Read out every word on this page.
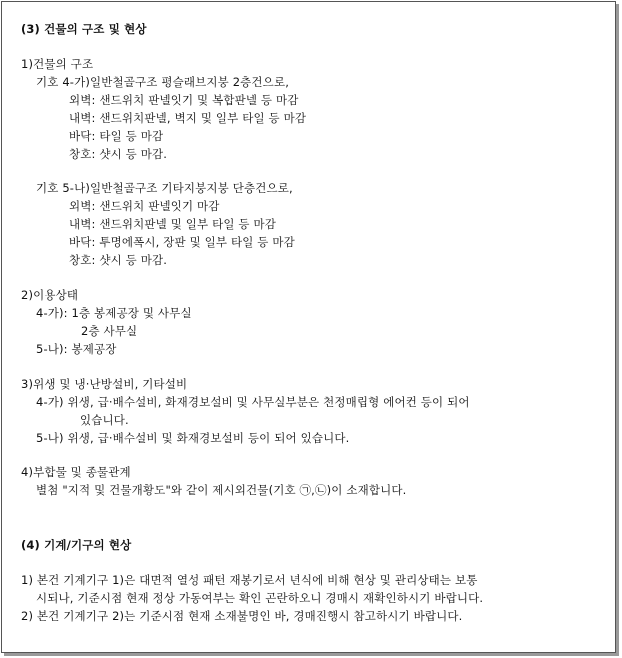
(3) 건물의 구조 및 현상
1)건물의 구조
기호 4-가)일반철골구조 평슬래브지붕 2층건으로,
외벽: 샌드위치 판넬잇기 및 복합판넬 등 마감
내벽: 샌드위치판넬, 벽지 및 일부 타일 등 마감
바닥: 타일 등 마감
창호: 샷시 등 마감.
기호 5-나)일반철골구조 기타지붕지붕 단층건으로,
외벽: 샌드위치 판넬잇기 마감
내벽: 샌드위치판넬 및 일부 타일 등 마감
바닥: 투명에폭시, 장판 및 일부 타일 등 마감
창호: 샷시 등 마감.
2)이용상태
4-가): 1층 봉제공장 및 사무실
2층 사무실
5-나): 봉제공장
3)위생 및 냉·난방설비, 기타설비
4-가) 위생, 급·배수설비, 화재경보설비 및 사무실부분은 천정매립형 에어컨 등이 되어
있습니다.
5-나) 위생, 급·배수설비 및 화재경보설비 등이 되어 있습니다.
4)부합물 및 종물관계
별첨 "지적 및 건물개황도"와 같이 제시외건물(기호 ㉠,㉡)이 소재합니다.
(4) 기계/기구의 현상
1) 본건 기계기구 1)은 대면적 열성 패턴 재봉기로서 년식에 비해 현상 및 관리상태는 보통
시되나, 기준시점 현재 정상 가동여부는 확인 곤란하오니 경매시 재확인하시기 바랍니다.
2) 본건 기계기구 2)는 기준시점 현재 소재불명인 바, 경매진행시 참고하시기 바랍니다.
